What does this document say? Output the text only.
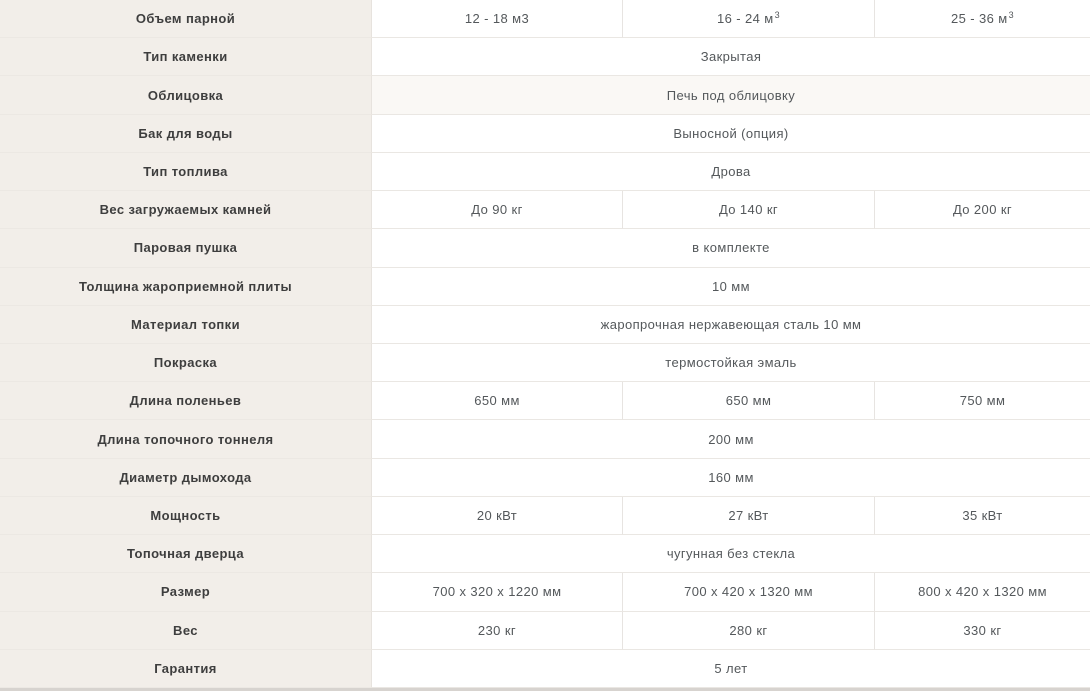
Объем парной	12 - 18 м3	16 - 24 $м^3$	25 - 36 $м^3$
Тип каменки	Закрытая
Облицовка	Печь под облицовку
Бак для воды	Выносной (опция)
Тип топлива	Дрова
Вес загружаемых камней	До 90 кг	До 140 кг	До 200 кг
Паровая пушка	в комплекте
Толщина жароприемной плиты	10 мм
Материал топки	жаропрочная нержавеющая сталь 10 мм
Покраска	термостойкая эмаль
Длина поленьев	650 мм	650 мм	750 мм
Длина топочного тоннеля	200 мм
Диаметр дымохода	160 мм
Мощность	20 кВт	27 кВт	35 кВт
Топочная дверца	чугунная без стекла
Размер	700 x 320 x 1220 мм	700 x 420 x 1320 мм	800 x 420 x 1320 мм
Вес	230 кг	280 кг	330 кг
Гарантия	5 лет
